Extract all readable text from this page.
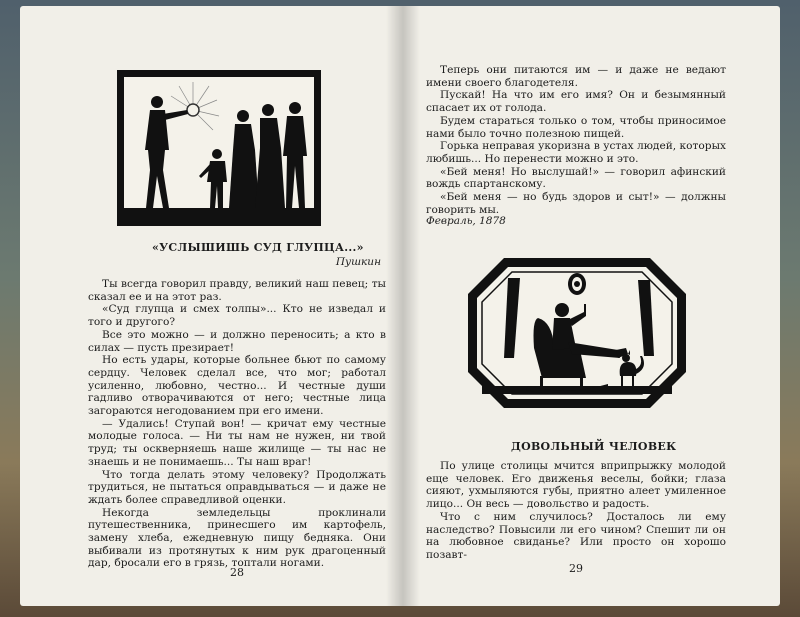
«УСЛЫШИШЬ СУД ГЛУПЦА...»
Пушкин

Ты всегда говорил правду, великий наш певец; ты сказал ее и на этот раз.

«Суд глупца и смех толпы»... Кто не изведал и того и другого?

Все это можно — и должно переносить; а кто в силах — пусть презирает!

Но есть удары, которые больнее бьют по самому сердцу. Человек сделал все, что мог; работал усиленно, любовно, честно... И честные души гадливо отворачиваются от него; честные лица загораются негодованием при его имени.

— Удались! Ступай вон! — кричат ему честные молодые голоса. — Ни ты нам не нужен, ни твой труд; ты оскверняешь наше жилище — ты нас не знаешь и не понимаешь... Ты наш враг!

Что тогда делать этому человеку? Продолжать трудиться, не пытаться оправдываться — и даже не ждать более справедливой оценки.

Некогда земледельцы проклинали путешественника, принесшего им картофель, замену хлеба, ежедневную пищу бедняка. Они выбивали из протянутых к ним рук драгоценный дар, бросали его в грязь, топтали ногами.

28

Теперь они питаются им — и даже не ведают имени своего благодетеля.

Пускай! На что им его имя? Он и безымянный спасает их от голода.

Будем стараться только о том, чтобы приносимое нами было точно полезною пищей.

Горька неправая укоризна в устах людей, которых любишь... Но перенести можно и это.

«Бей меня! Но выслушай!» — говорил афинский вождь спартанскому.

«Бей меня — но будь здоров и сыт!» — должны говорить мы.

Февраль, 1878
ДОВОЛЬНЫЙ ЧЕЛОВЕК

По улице столицы мчится вприпрыжку молодой еще человек. Его движенья веселы, бойки; глаза сияют, ухмыляются губы, приятно алеет умиленное лицо... Он весь — довольство и радость.

Что с ним случилось? Досталось ли ему наследство? Повысили ли его чином? Спешит ли он на любовное свиданье? Или просто он хорошо позавт-

29
